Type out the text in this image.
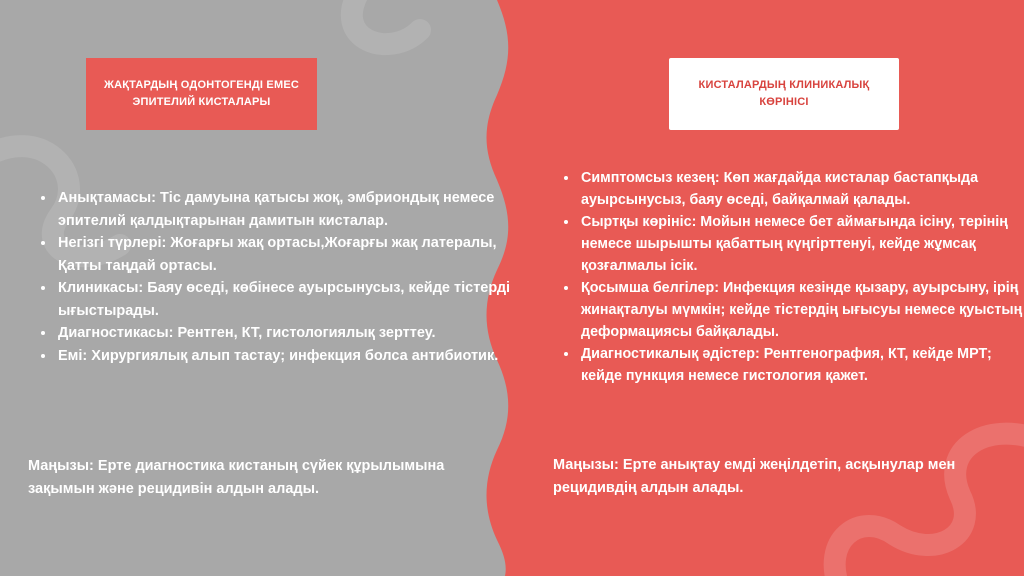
ЖАҚТАРДЫҢ ОДОНТОГЕНДІ ЕМЕС ЭПИТЕЛИЙ КИСТАЛАРЫ
КИСТАЛАРДЫҢ КЛИНИКАЛЫҚ КӨРІНІСІ
• Анықтамасы: Тіс дамуына қатысы жоқ, эмбриондық немесе эпителий қалдықтарынан дамитын кисталар.
• Негізгі түрлері: Жоғарғы жақ ортасы,Жоғарғы жақ латералы, Қатты таңдай ортасы.
• Клиникасы: Баяу өседі, көбінесе ауырсынусыз, кейде тістерді ығыстырады.
• Диагностикасы: Рентген, КТ, гистологиялық зерттеу.
• Емі: Хирургиялық алып тастау; инфекция болса антибиотик.
• Симптомсыз кезең: Көп жағдайда кисталар бастапқыда ауырсынусыз, баяу өседі, байқалмай қалады.
• Сыртқы көрініс: Мойын немесе бет аймағында ісіну, терінің немесе шырышты қабаттың күңгірттенуі, кейде жұмсақ қозғалмалы ісік.
• Қосымша белгілер: Инфекция кезінде қызару, ауырсыну, ірің жинақталуы мүмкін; кейде тістердің ығысуы немесе қуыстың деформациясы байқалады.
• Диагностикалық әдістер: Рентгенография, КТ, кейде МРТ; кейде пункция немесе гистология қажет.

Маңызы: Ерте диагностика кистаның сүйек құрылымына зақымын және рецидивін алдын алады.

Маңызы: Ерте анықтау емді жеңілдетіп, асқынулар мен рецидивдің алдын алады.
